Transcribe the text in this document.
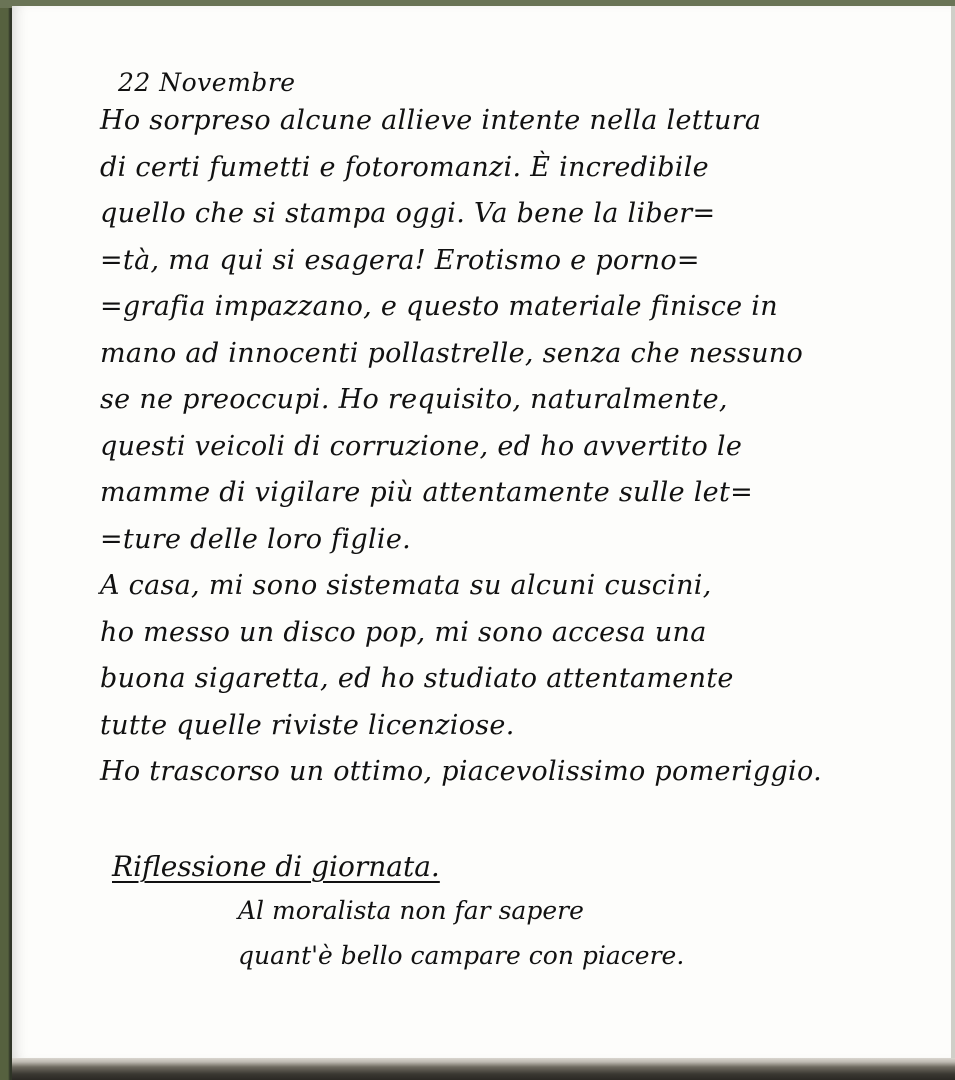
22 Novembre
Ho sorpreso alcune allieve intente nella lettura
di certi fumetti e fotoromanzi. È incredibile
quello che si stampa oggi. Va bene la liber=
=tà, ma qui si esagera! Erotismo e porno=
=grafia impazzano, e questo materiale finisce in
mano ad innocenti pollastrelle, senza che nessuno
se ne preoccupi. Ho requisito, naturalmente,
questi veicoli di corruzione, ed ho avvertito le
mamme di vigilare più attentamente sulle let=
=ture delle loro figlie.
A casa, mi sono sistemata su alcuni cuscini,
ho messo un disco pop, mi sono accesa una
buona sigaretta, ed ho studiato attentamente
tutte quelle riviste licenziose.
Ho trascorso un ottimo, piacevolissimo pomeriggio.
Riflessione di giornata.
Al moralista non far sapere
quant'è bello campare con piacere.
